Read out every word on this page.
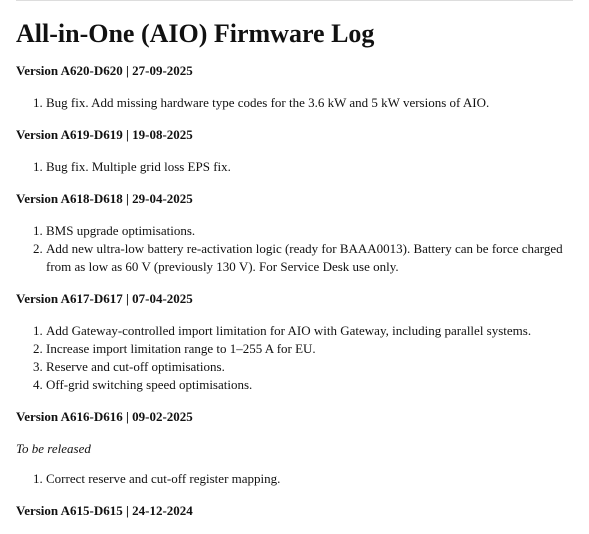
All-in-One (AIO) Firmware Log

Version A620-D620 | 27-09-2025

1. Bug fix. Add missing hardware type codes for the 3.6 kW and 5 kW versions of AIO.

Version A619-D619 | 19-08-2025

1. Bug fix. Multiple grid loss EPS fix.

Version A618-D618 | 29-04-2025

1. BMS upgrade optimisations.
2. Add new ultra-low battery re-activation logic (ready for BAAA0013). Battery can be force charged from as low as 60 V (previously 130 V). For Service Desk use only.

Version A617-D617 | 07-04-2025

1. Add Gateway-controlled import limitation for AIO with Gateway, including parallel systems.
2. Increase import limitation range to 1–255 A for EU.
3. Reserve and cut-off optimisations.
4. Off-grid switching speed optimisations.

Version A616-D616 | 09-02-2025

To be released

1. Correct reserve and cut-off register mapping.

Version A615-D615 | 24-12-2024
